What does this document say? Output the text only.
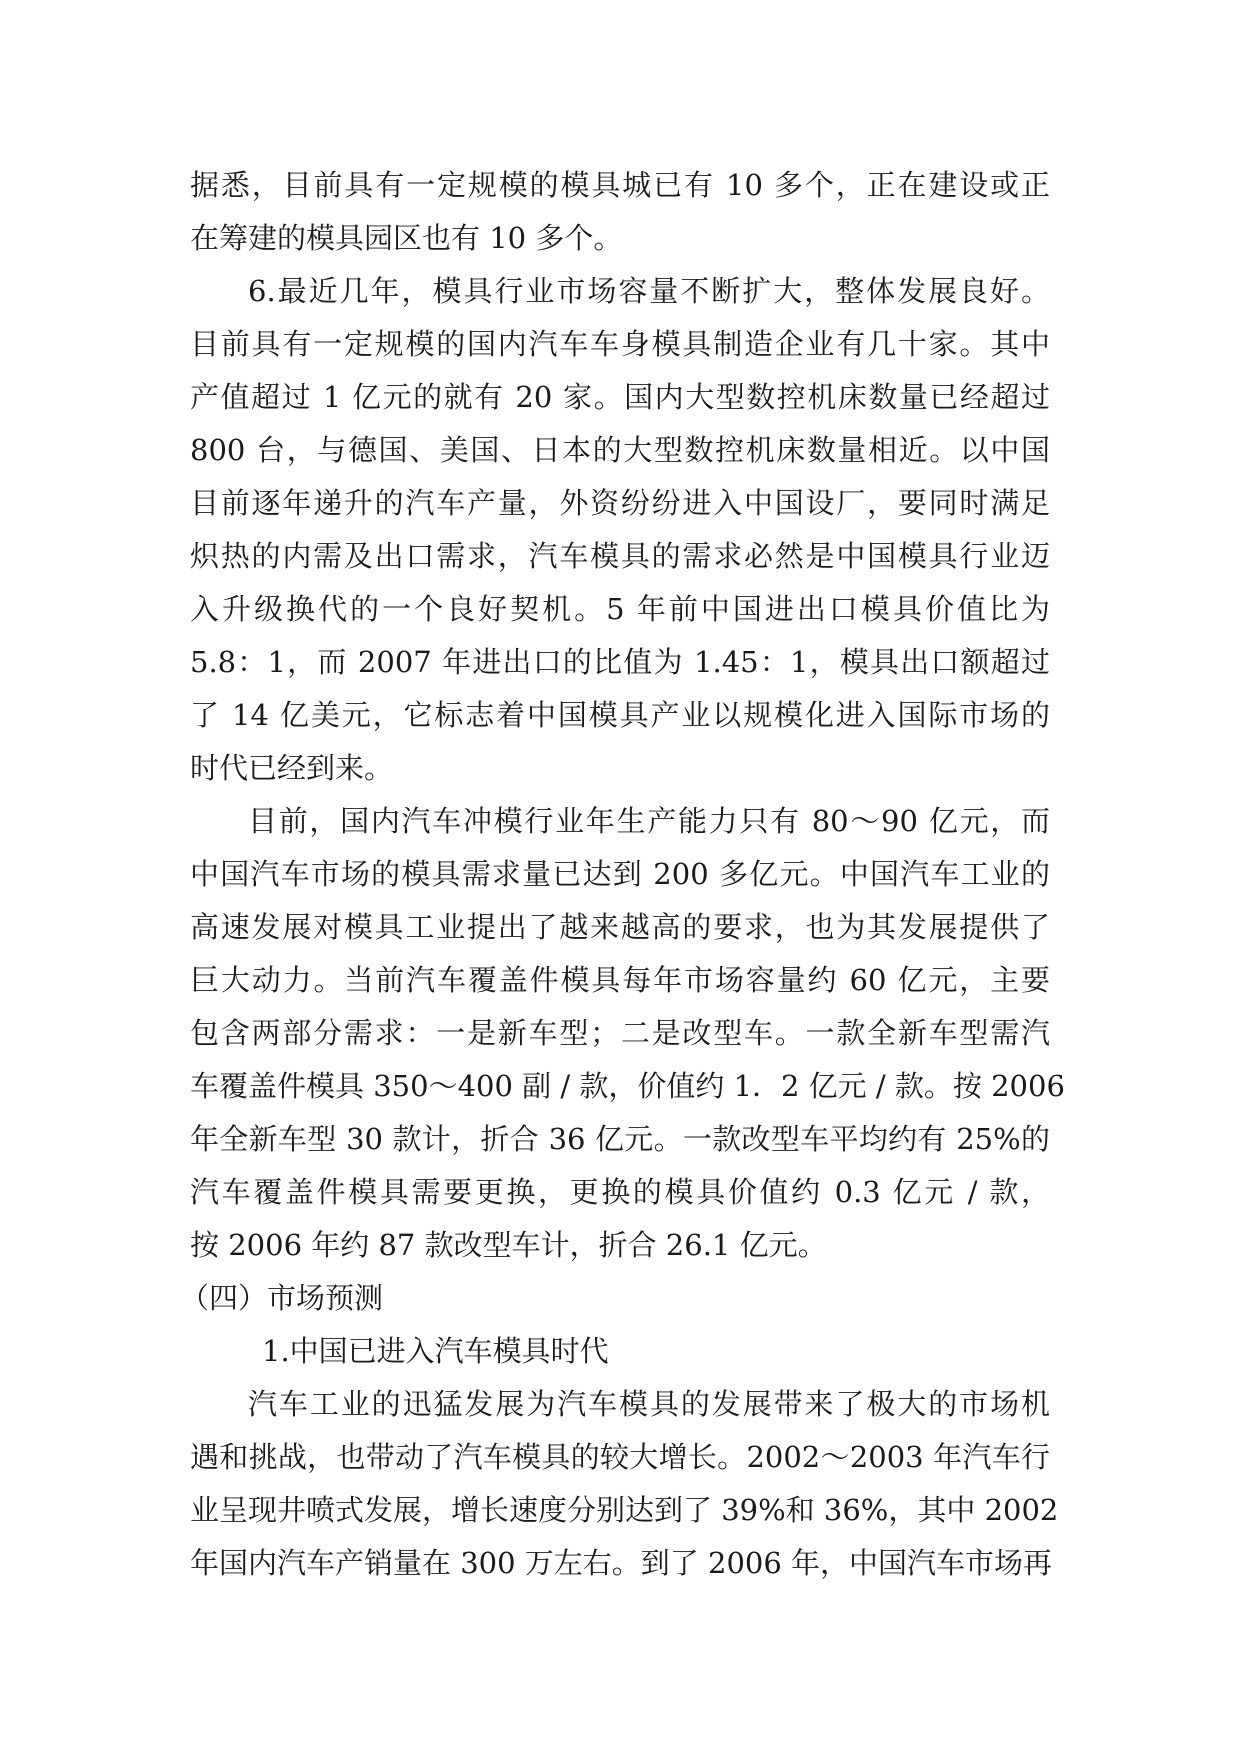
据悉，目前具有一定规模的模具城已有 10 多个，正在建设或正
在筹建的模具园区也有 10 多个。
6.最近几年，模具行业市场容量不断扩大，整体发展良好。
目前具有一定规模的国内汽车车身模具制造企业有几十家。其中
产值超过 1 亿元的就有 20 家。国内大型数控机床数量已经超过
800 台，与德国、美国、日本的大型数控机床数量相近。以中国
目前逐年递升的汽车产量，外资纷纷进入中国设厂，要同时满足
炽热的内需及出口需求，汽车模具的需求必然是中国模具行业迈
入升级换代的一个良好契机。5 年前中国进出口模具价值比为
5.8：1，而 2007 年进出口的比值为 1.45：1，模具出口额超过
了 14 亿美元，它标志着中国模具产业以规模化进入国际市场的
时代已经到来。
目前，国内汽车冲模行业年生产能力只有 80～90 亿元，而
中国汽车市场的模具需求量已达到 200 多亿元。中国汽车工业的
高速发展对模具工业提出了越来越高的要求，也为其发展提供了
巨大动力。当前汽车覆盖件模具每年市场容量约 60 亿元，主要
包含两部分需求：一是新车型；二是改型车。一款全新车型需汽
车覆盖件模具 350～400 副 / 款，价值约 1．2 亿元 / 款。按 2006
年全新车型 30 款计，折合 36 亿元。一款改型车平均约有 25%的
汽车覆盖件模具需要更换，更换的模具价值约 0.3 亿元 / 款，
按 2006 年约 87 款改型车计，折合 26.1 亿元。
（四）市场预测
1.中国已进入汽车模具时代
汽车工业的迅猛发展为汽车模具的发展带来了极大的市场机
遇和挑战，也带动了汽车模具的较大增长。2002～2003 年汽车行
业呈现井喷式发展，增长速度分别达到了 39%和 36%，其中 2002
年国内汽车产销量在 300 万左右。到了 2006 年，中国汽车市场再
